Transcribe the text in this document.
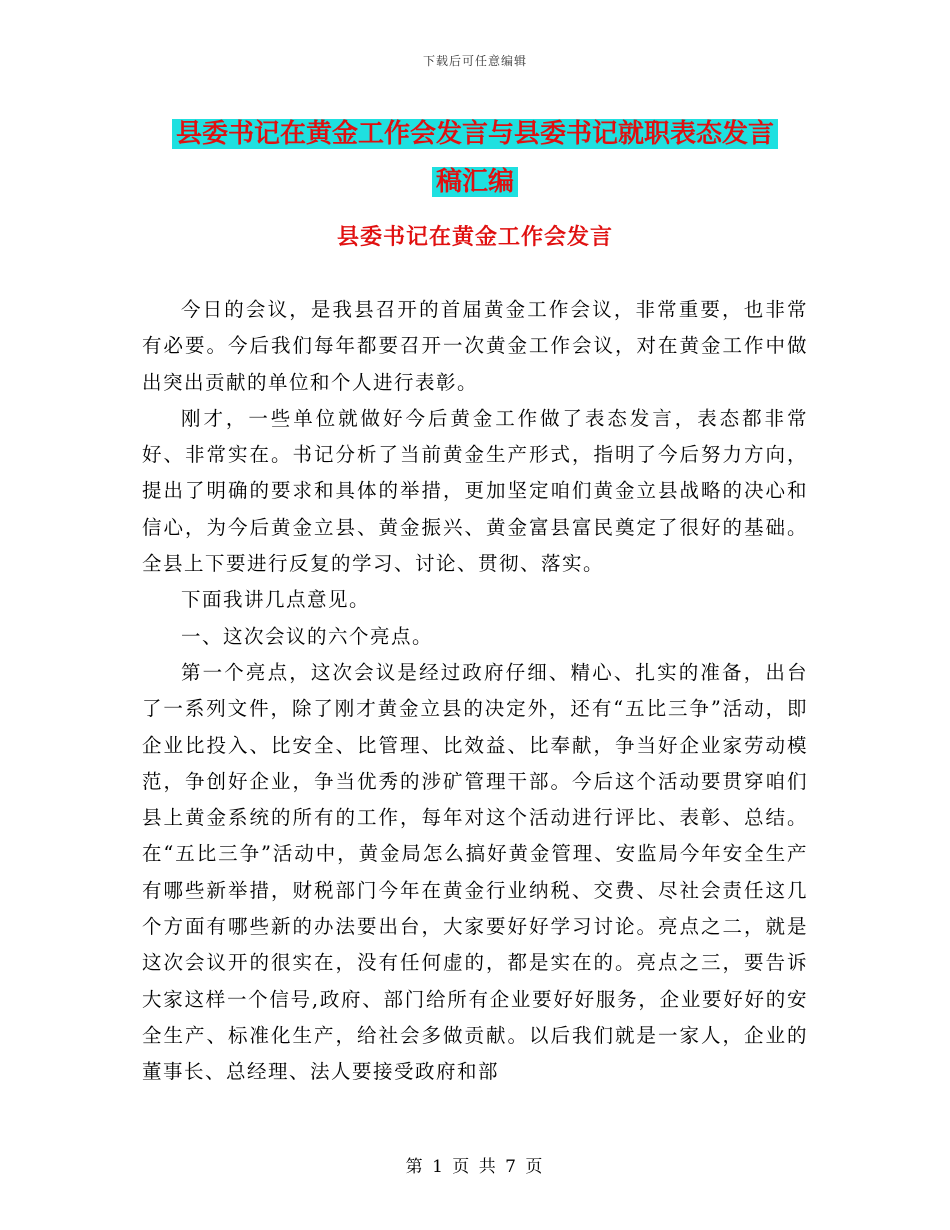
下载后可任意编辑
县委书记在黄金工作会发言与县委书记就职表态发言
稿汇编
县委书记在黄金工作会发言

今日的会议，是我县召开的首届黄金工作会议，非常重要，也非常有必要。今后我们每年都要召开一次黄金工作会议，对在黄金工作中做出突出贡献的单位和个人进行表彰。

刚才，一些单位就做好今后黄金工作做了表态发言，表态都非常好、非常实在。书记分析了当前黄金生产形式，指明了今后努力方向，提出了明确的要求和具体的举措，更加坚定咱们黄金立县战略的决心和信心，为今后黄金立县、黄金振兴、黄金富县富民奠定了很好的基础。全县上下要进行反复的学习、讨论、贯彻、落实。

下面我讲几点意见。

一、这次会议的六个亮点。

第一个亮点，这次会议是经过政府仔细、精心、扎实的准备，出台了一系列文件，除了刚才黄金立县的决定外，还有“五比三争”活动，即企业比投入、比安全、比管理、比效益、比奉献，争当好企业家劳动模范，争创好企业，争当优秀的涉矿管理干部。今后这个活动要贯穿咱们县上黄金系统的所有的工作，每年对这个活动进行评比、表彰、总结。在“五比三争”活动中，黄金局怎么搞好黄金管理、安监局今年安全生产有哪些新举措，财税部门今年在黄金行业纳税、交费、尽社会责任这几个方面有哪些新的办法要出台，大家要好好学习讨论。亮点之二，就是这次会议开的很实在，没有任何虚的，都是实在的。亮点之三，要告诉大家这样一个信号,政府、部门给所有企业要好好服务，企业要好好的安全生产、标准化生产，给社会多做贡献。以后我们就是一家人，企业的董事长、总经理、法人要接受政府和部

第 1 页 共 7 页
